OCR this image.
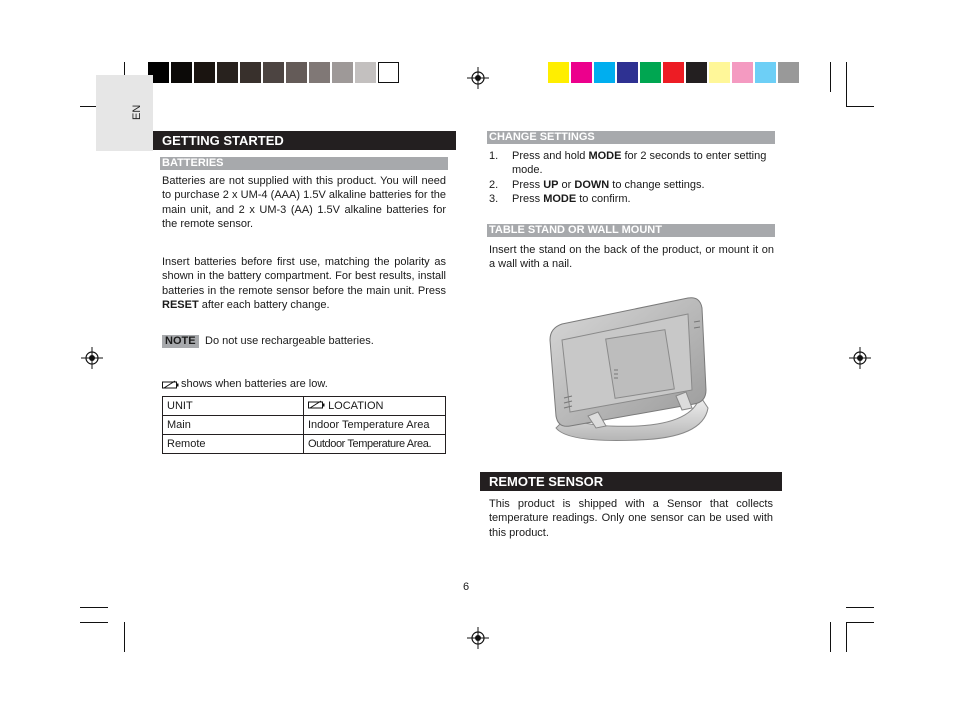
EN
GETTING STARTED
BATTERIES
Batteries are not supplied with this product. You will need to purchase 2 x UM-4 (AAA) 1.5V alkaline batteries for the main unit, and 2 x UM-3 (AA) 1.5V alkaline batteries for the remote sensor.
Insert batteries before first use, matching the polarity as shown in the battery compartment. For best results, install batteries in the remote sensor before the main unit. Press RESET after each battery change.
NOTE Do not use rechargeable batteries.
shows when batteries are low.
UNIT	LOCATION
Main	Indoor Temperature Area
Remote	Outdoor Temperature Area.
CHANGE SETTINGS
1. Press and hold MODE for 2 seconds to enter setting mode.
2. Press UP or DOWN to change settings.
3. Press MODE to confirm.
TABLE STAND OR WALL MOUNT
Insert the stand on the back of the product, or mount it on a wall with a nail.
REMOTE SENSOR
This product is shipped with a Sensor that collects temperature readings. Only one sensor can be used with this product.
6
